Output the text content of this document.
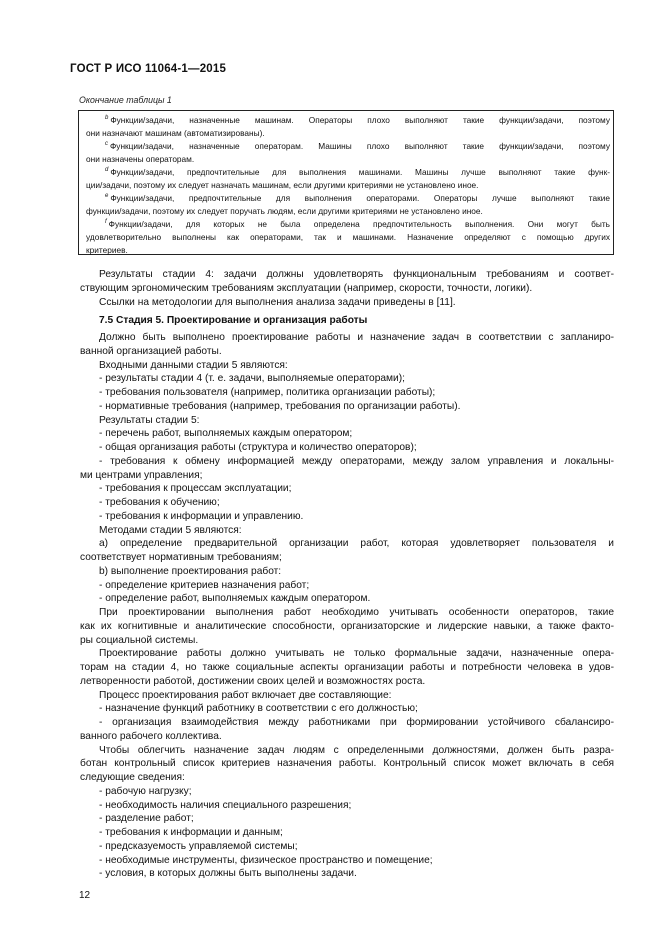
ГОСТ Р ИСО 11064-1—2015
Окончание таблицы 1

$^b$ Функции/задачи, назначенные машинам. Операторы плохо выполняют такие функции/задачи, поэтому

они назначают машинам (автоматизированы).

$^c$ Функции/задачи, назначенные операторам. Машины плохо выполняют такие функции/задачи, поэтому

они назначены операторам.

$^d$ Функции/задачи, предпочтительные для выполнения машинами. Машины лучше выполняют такие функ-

ции/задачи, поэтому их следует назначать машинам, если другими критериями не установлено иное.

$^e$ Функции/задачи, предпочтительные для выполнения операторами. Операторы лучше выполняют такие

функции/задачи, поэтому их следует поручать людям, если другими критериями не установлено иное.

$^f$ Функции/задачи, для которых не была определена предпочтительность выполнения. Они могут быть

удовлетворительно выполнены как операторами, так и машинами. Назначение определяют с помощью других

критериев.

Результаты стадии 4: задачи должны удовлетворять функциональным требованиям и соответ-

ствующим эргономическим требованиям эксплуатации (например, скорости, точности, логики).

Ссылки на методологии для выполнения анализа задачи приведены в [11].

7.5 Стадия 5. Проектирование и организация работы

Должно быть выполнено проектирование работы и назначение задач в соответствии с запланиро-

ванной организацией работы.

Входными данными стадии 5 являются:

- результаты стадии 4 (т. е. задачи, выполняемые операторами);

- требования пользователя (например, политика организации работы);

- нормативные требования (например, требования по организации работы).

Результаты стадии 5:

- перечень работ, выполняемых каждым оператором;

- общая организация работы (структура и количество операторов);

- требования к обмену информацией между операторами, между залом управления и локальны-

ми центрами управления;

- требования к процессам эксплуатации;

- требования к обучению;

- требования к информации и управлению.

Методами стадии 5 являются:

а) определение предварительной организации работ, которая удовлетворяет пользователя и

соответствует нормативным требованиям;

b) выполнение проектирования работ:

- определение критериев назначения работ;

- определение работ, выполняемых каждым оператором.

При проектировании выполнения работ необходимо учитывать особенности операторов, такие

как их когнитивные и аналитические способности, организаторские и лидерские навыки, а также факто-

ры социальной системы.

Проектирование работы должно учитывать не только формальные задачи, назначенные опера-

торам на стадии 4, но также социальные аспекты организации работы и потребности человека в удов-

летворенности работой, достижении своих целей и возможностях роста.

Процесс проектирования работ включает две составляющие:

- назначение функций работнику в соответствии с его должностью;

- организация взаимодействия между работниками при формировании устойчивого сбалансиро-

ванного рабочего коллектива.

Чтобы облегчить назначение задач людям с определенными должностями, должен быть разра-

ботан контрольный список критериев назначения работы. Контрольный список может включать в себя

следующие сведения:

- рабочую нагрузку;

- необходимость наличия специального разрешения;

- разделение работ;

- требования к информации и данным;

- предсказуемость управляемой системы;

- необходимые инструменты, физическое пространство и помещение;

- условия, в которых должны быть выполнены задачи.

12
